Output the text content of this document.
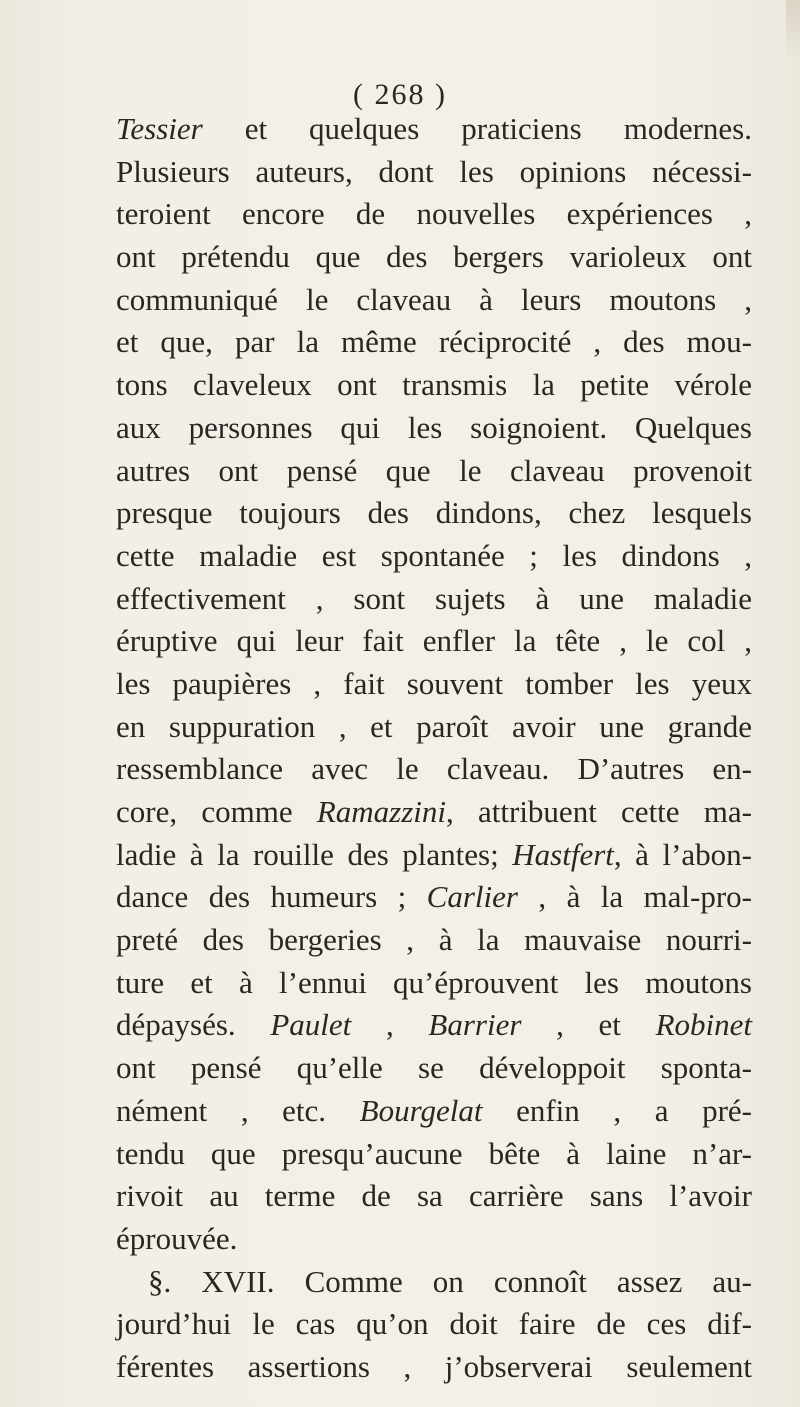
( 268 )
Tessier et quelques praticiens modernes.
Plusieurs auteurs, dont les opinions nécessi-
teroient encore de nouvelles expériences ,
ont prétendu que des bergers varioleux ont
communiqué le claveau à leurs moutons ,
et que, par la même réciprocité , des mou-
tons claveleux ont transmis la petite vérole
aux personnes qui les soignoient. Quelques
autres ont pensé que le claveau provenoit
presque toujours des dindons, chez lesquels
cette maladie est spontanée ; les dindons ,
effectivement , sont sujets à une maladie
éruptive qui leur fait enfler la tête , le col ,
les paupières , fait souvent tomber les yeux
en suppuration , et paroît avoir une grande
ressemblance avec le claveau. D’autres en-
core, comme Ramazzini, attribuent cette ma-
ladie à la rouille des plantes; Hastfert, à l’abon-
dance des humeurs ; Carlier , à la mal-pro-
preté des bergeries , à la mauvaise nourri-
ture et à l’ennui qu’éprouvent les moutons
dépaysés. Paulet , Barrier , et Robinet
ont pensé qu’elle se développoit sponta-
nément , etc. Bourgelat enfin , a pré-
tendu que presqu’aucune bête à laine n’ar-
rivoit au terme de sa carrière sans l’avoir
éprouvée.
§. XVII. Comme on connoît assez au-
jourd’hui le cas qu’on doit faire de ces dif-
férentes assertions , j’observerai seulement
